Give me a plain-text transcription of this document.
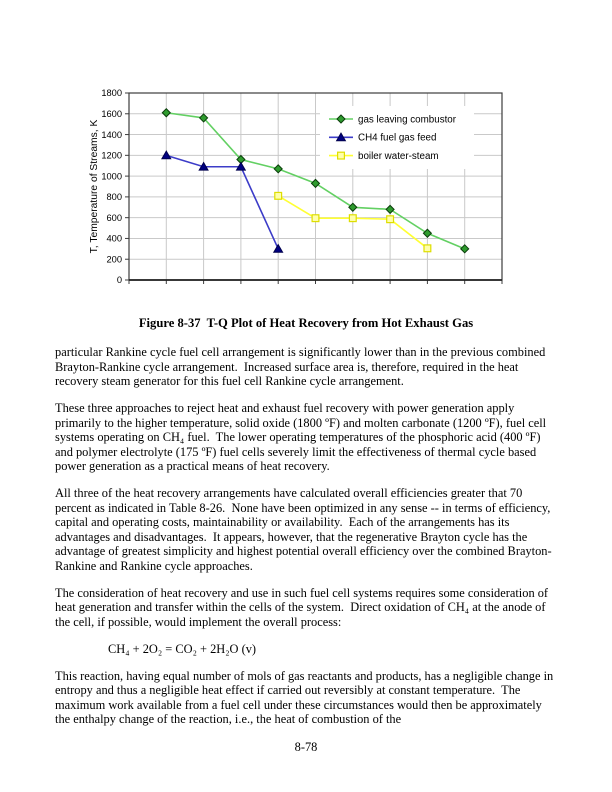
0
200
400
600
800
1000
1200
1400
1600
1800
gas leaving combustor
CH4 fuel gas feed
boiler water-steam
T, Temperature of Streams, K
Figure 8-37  T-Q Plot of Heat Recovery from Hot Exhaust Gas

particular Rankine cycle fuel cell arrangement is significantly lower than in the previous combined Brayton-Rankine cycle arrangement.  Increased surface area is, therefore, required in the heat recovery steam generator for this fuel cell Rankine cycle arrangement.

These three approaches to reject heat and exhaust fuel recovery with power generation apply primarily to the higher temperature, solid oxide (1800 ºF) and molten carbonate (1200 ºF), fuel cell systems operating on CH₄ fuel.  The lower operating temperatures of the phosphoric acid (400 ºF) and polymer electrolyte (175 ºF) fuel cells severely limit the effectiveness of thermal cycle based power generation as a practical means of heat recovery.

All three of the heat recovery arrangements have calculated overall efficiencies greater that 70 percent as indicated in Table 8-26.  None have been optimized in any sense -- in terms of efficiency, capital and operating costs, maintainability or availability.  Each of the arrangements has its advantages and disadvantages.  It appears, however, that the regenerative Brayton cycle has the advantage of greatest simplicity and highest potential overall efficiency over the combined Brayton-Rankine and Rankine cycle approaches.

The consideration of heat recovery and use in such fuel cell systems requires some consideration of heat generation and transfer within the cells of the system.  Direct oxidation of CH₄ at the anode of the cell, if possible, would implement the overall process:

CH₄ + 2O₂ = CO₂ + 2H₂O (v)

This reaction, having equal number of mols of gas reactants and products, has a negligible change in entropy and thus a negligible heat effect if carried out reversibly at constant temperature.  The maximum work available from a fuel cell under these circumstances would then be approximately the enthalpy change of the reaction, i.e., the heat of combustion of the

8-78
